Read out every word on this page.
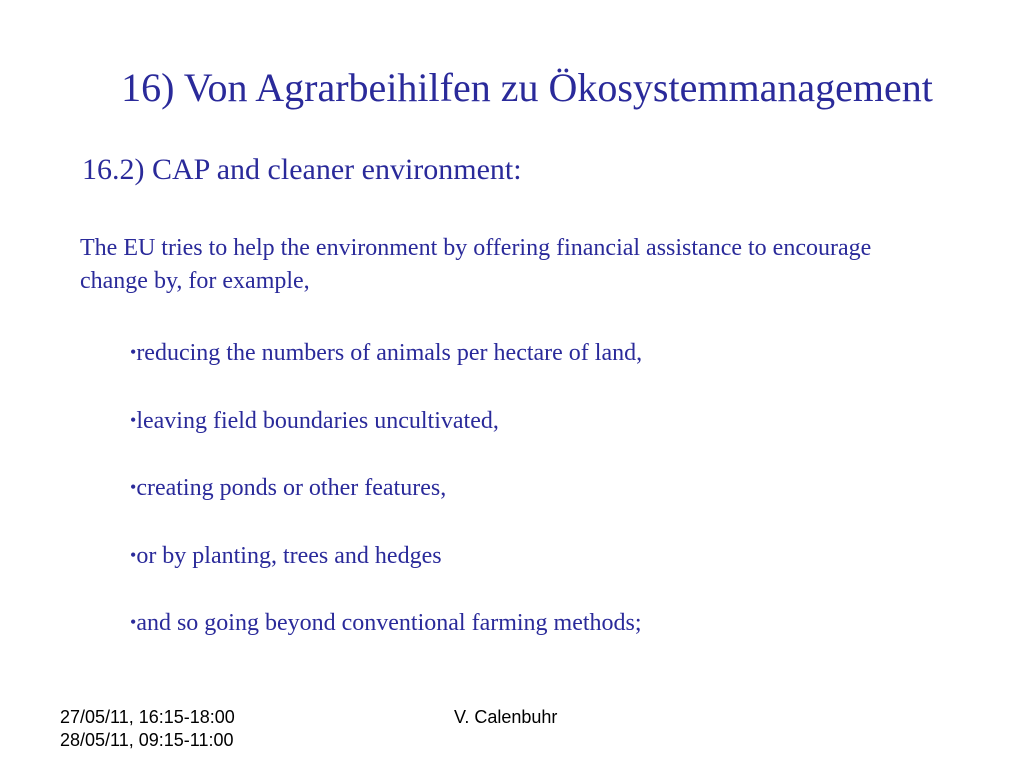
16) Von Agrarbeihilfen zu Ökosystemmanagement
16.2) CAP and cleaner environment:
The EU tries to help the environment by offering financial assistance to encourage change by, for example,
•reducing the numbers of animals per hectare of land,
•leaving field boundaries uncultivated,
•creating ponds or other features,
•or by planting, trees and hedges
•and so going beyond conventional farming methods;
27/05/11, 16:15-18:00
28/05/11, 09:15-11:00
V. Calenbuhr
